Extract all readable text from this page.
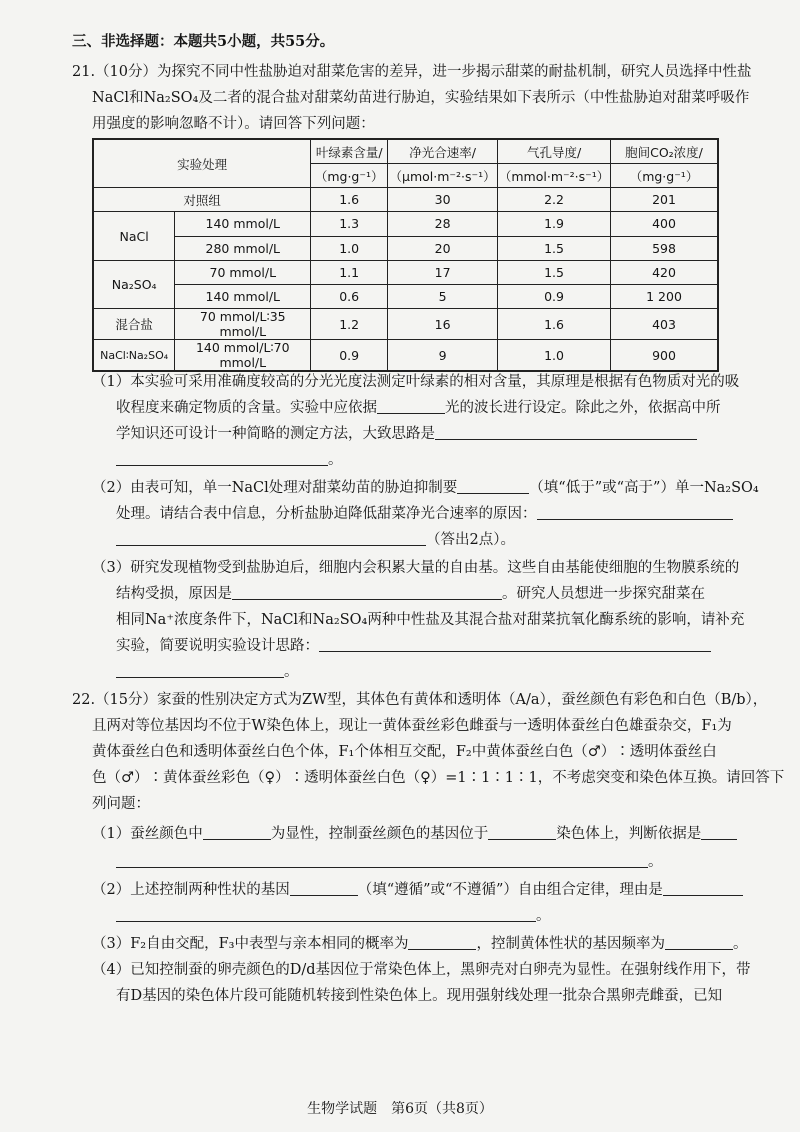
三、非选择题：本题共5小题，共55分。
21.（10分）为探究不同中性盐胁迫对甜菜危害的差异，进一步揭示甜菜的耐盐机制，研究人员选择中性盐
NaCl和Na₂SO₄及二者的混合盐对甜菜幼苗进行胁迫，实验结果如下表所示（中性盐胁迫对甜菜呼吸作
用强度的影响忽略不计）。请回答下列问题：
实验处理		叶绿素含量/	净光合速率/	气孔导度/	胞间CO₂浓度/
		（mg·g⁻¹）	（μmol·m⁻²·s⁻¹）	（mmol·m⁻²·s⁻¹）	（mg·g⁻¹）
对照组		1.6	30	2.2	201
NaCl	140 mmol/L	1.3	28	1.9	400
	280 mmol/L	1.0	20	1.5	598
Na₂SO₄	70 mmol/L	1.1	17	1.5	420
	140 mmol/L	0.6	5	0.9	1 200
混合盐	70 mmol/L∶35 mmol/L	1.2	16	1.6	403
NaCl∶Na₂SO₄	140 mmol/L∶70 mmol/L	0.9	9	1.0	900
（1）本实验可采用准确度较高的分光光度法测定叶绿素的相对含量，其原理是根据有色物质对光的吸
收程度来确定物质的含量。实验中应依据	光的波长进行设定。除此之外，依据高中所
学知识还可设计一种简略的测定方法，大致思路是
。
（2）由表可知，单一NaCl处理对甜菜幼苗的胁迫抑制要	（填“低于”或“高于”）单一Na₂SO₄
处理。请结合表中信息，分析盐胁迫降低甜菜净光合速率的原因：
（答出2点）。
（3）研究发现植物受到盐胁迫后，细胞内会积累大量的自由基。这些自由基能使细胞的生物膜系统的
结构受损，原因是	。研究人员想进一步探究甜菜在
相同Na⁺浓度条件下，NaCl和Na₂SO₄两种中性盐及其混合盐对甜菜抗氧化酶系统的影响，请补充
实验，简要说明实验设计思路：
。
22.（15分）家蚕的性别决定方式为ZW型，其体色有黄体和透明体（A/a），蚕丝颜色有彩色和白色（B/b），
且两对等位基因均不位于W染色体上，现让一黄体蚕丝彩色雌蚕与一透明体蚕丝白色雄蚕杂交，F₁为
黄体蚕丝白色和透明体蚕丝白色个体，F₁个体相互交配，F₂中黄体蚕丝白色（♂）∶透明体蚕丝白
色（♂）∶黄体蚕丝彩色（♀）∶透明体蚕丝白色（♀）=1∶1∶1∶1，不考虑突变和染色体互换。请回答下
列问题：
（1）蚕丝颜色中	为显性，控制蚕丝颜色的基因位于	染色体上，判断依据是
。
（2）上述控制两种性状的基因	（填“遵循”或“不遵循”）自由组合定律，理由是
。
（3）F₂自由交配，F₃中表型与亲本相同的概率为	，控制黄体性状的基因频率为	。
（4）已知控制蚕的卵壳颜色的D/d基因位于常染色体上，黑卵壳对白卵壳为显性。在强射线作用下，带
有D基因的染色体片段可能随机转接到性染色体上。现用强射线处理一批杂合黑卵壳雌蚕，已知
生物学试题　第6页（共8页）
